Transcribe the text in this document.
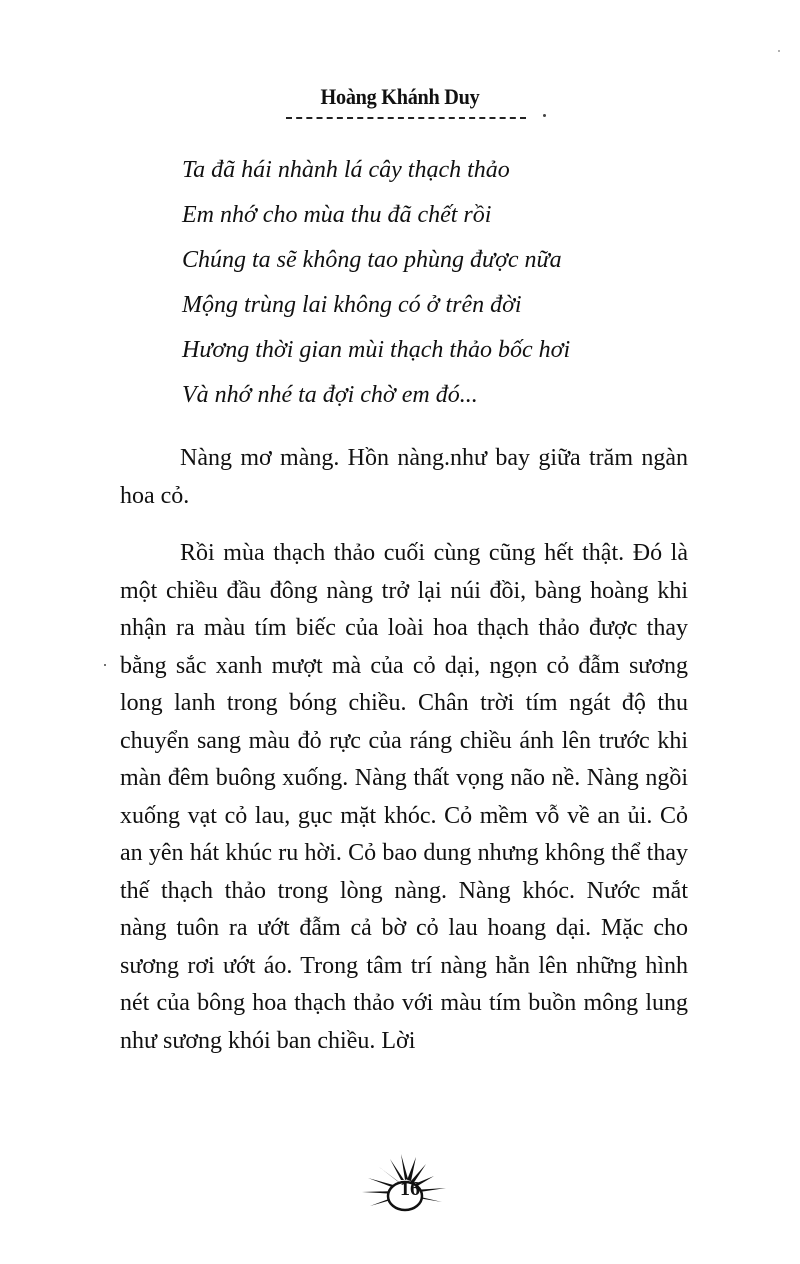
Hoàng Khánh Duy
Ta đã hái nhành lá cây thạch thảo
Em nhớ cho mùa thu đã chết rồi
Chúng ta sẽ không tao phùng được nữa
Mộng trùng lai không có ở trên đời
Hương thời gian mùi thạch thảo bốc hơi
Và nhớ nhé ta đợi chờ em đó...

Nàng mơ màng. Hồn nàng.như bay giữa trăm ngàn hoa cỏ.

Rồi mùa thạch thảo cuối cùng cũng hết thật. Đó là một chiều đầu đông nàng trở lại núi đồi, bàng hoàng khi nhận ra màu tím biếc của loài hoa thạch thảo được thay bằng sắc xanh mượt mà của cỏ dại, ngọn cỏ đẫm sương long lanh trong bóng chiều. Chân trời tím ngát độ thu chuyển sang màu đỏ rực của ráng chiều ánh lên trước khi màn đêm buông xuống. Nàng thất vọng não nề. Nàng ngồi xuống vạt cỏ lau, gục mặt khóc. Cỏ mềm vỗ về an ủi. Cỏ an yên hát khúc ru hời. Cỏ bao dung nhưng không thể thay thế thạch thảo trong lòng nàng. Nàng khóc. Nước mắt nàng tuôn ra ướt đẫm cả bờ cỏ lau hoang dại. Mặc cho sương rơi ướt áo. Trong tâm trí nàng hằn lên những hình nét của bông hoa thạch thảo với màu tím buồn mông lung như sương khói ban chiều. Lời

16
